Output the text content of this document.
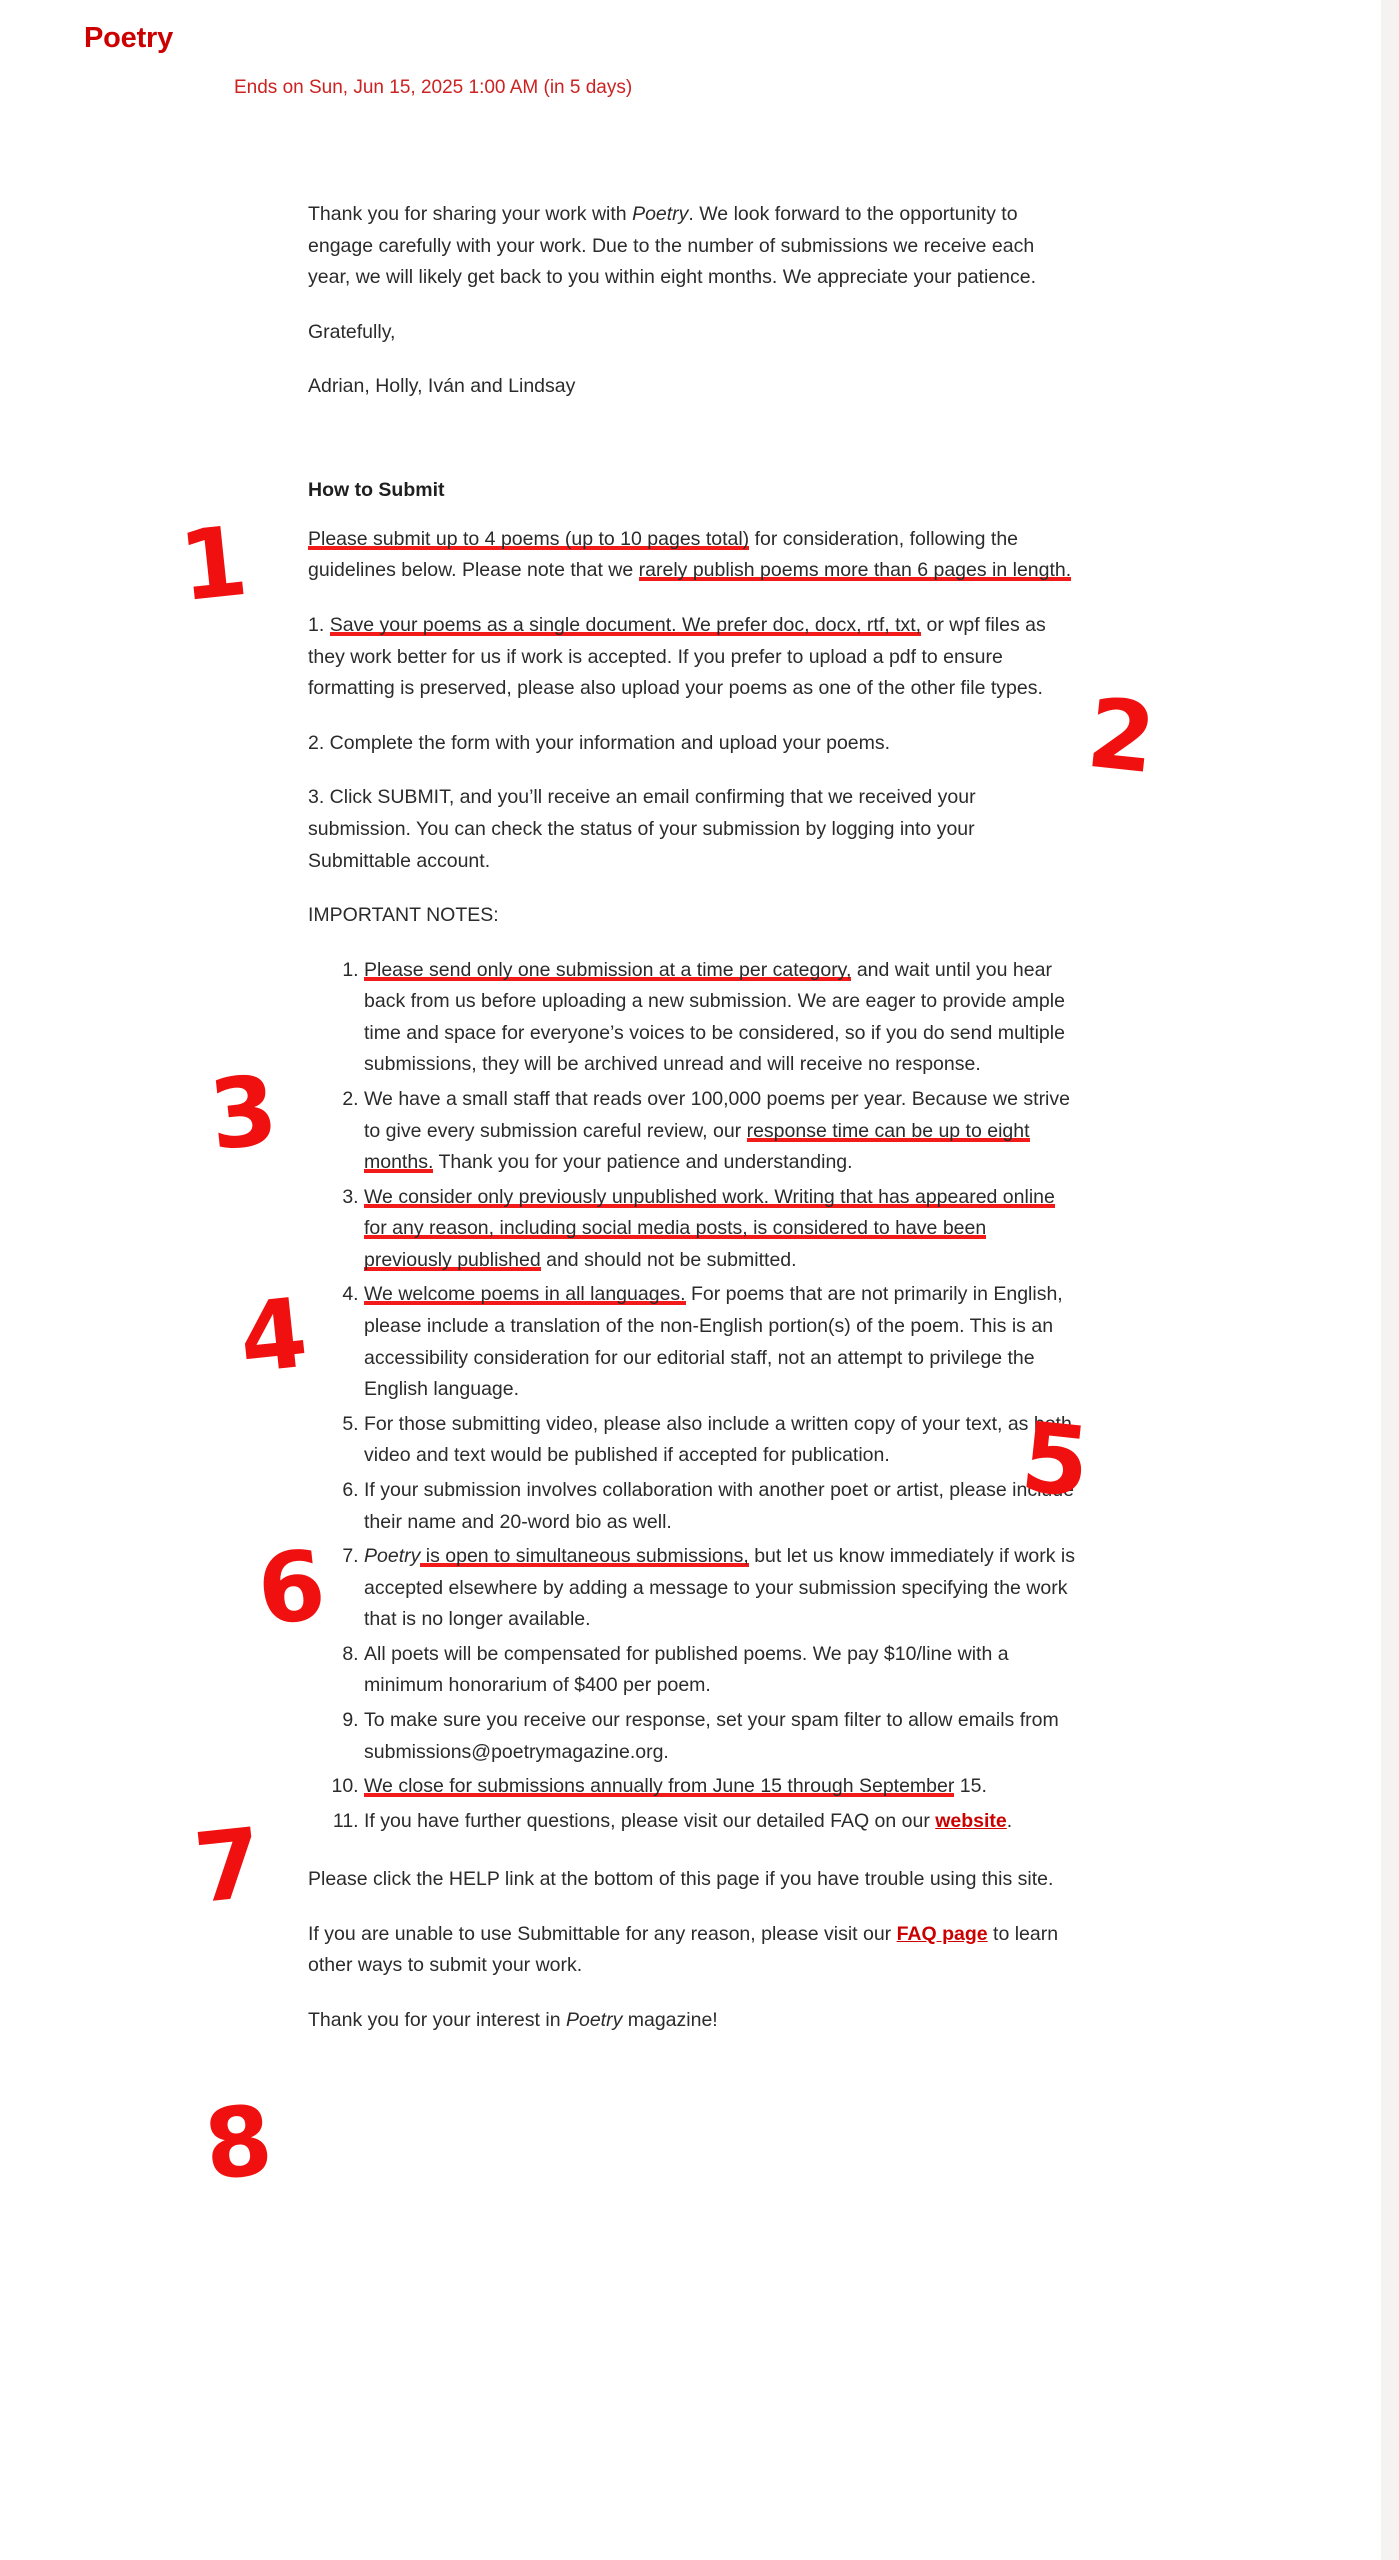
Poetry
Ends on Sun, Jun 15, 2025 1:00 AM (in 5 days)

Thank you for sharing your work with Poetry. We look forward to the opportunity to engage carefully with your work. Due to the number of submissions we receive each year, we will likely get back to you within eight months. We appreciate your patience.

Gratefully,

Adrian, Holly, Iván and Lindsay

How to Submit

Please submit up to 4 poems (up to 10 pages total) for consideration, following the guidelines below. Please note that we rarely publish poems more than 6 pages in length.

1. Save your poems as a single document. We prefer doc, docx, rtf, txt, or wpf files as they work better for us if work is accepted. If you prefer to upload a pdf to ensure formatting is preserved, please also upload your poems as one of the other file types.

2. Complete the form with your information and upload your poems.

3. Click SUBMIT, and you’ll receive an email confirming that we received your submission. You can check the status of your submission by logging into your Submittable account.

IMPORTANT NOTES:

1. Please send only one submission at a time per category, and wait until you hear back from us before uploading a new submission. We are eager to provide ample time and space for everyone’s voices to be considered, so if you do send multiple submissions, they will be archived unread and will receive no response.
2. We have a small staff that reads over 100,000 poems per year. Because we strive to give every submission careful review, our response time can be up to eight months. Thank you for your patience and understanding.
3. We consider only previously unpublished work. Writing that has appeared online for any reason, including social media posts, is considered to have been previously published and should not be submitted.
4. We welcome poems in all languages. For poems that are not primarily in English, please include a translation of the non-English portion(s) of the poem. This is an accessibility consideration for our editorial staff, not an attempt to privilege the English language.
5. For those submitting video, please also include a written copy of your text, as both video and text would be published if accepted for publication.
6. If your submission involves collaboration with another poet or artist, please include their name and 20-word bio as well.
7. Poetry is open to simultaneous submissions, but let us know immediately if work is accepted elsewhere by adding a message to your submission specifying the work that is no longer available.
8. All poets will be compensated for published poems. We pay $10/line with a minimum honorarium of $400 per poem.
9. To make sure you receive our response, set your spam filter to allow emails from submissions@poetrymagazine.org.
10. We close for submissions annually from June 15 through September 15.
11. If you have further questions, please visit our detailed FAQ on our website.

Please click the HELP link at the bottom of this page if you have trouble using this site.

If you are unable to use Submittable for any reason, please visit our FAQ page to learn other ways to submit your work.

Thank you for your interest in Poetry magazine!

1
2
3
4
5
6
7
8
